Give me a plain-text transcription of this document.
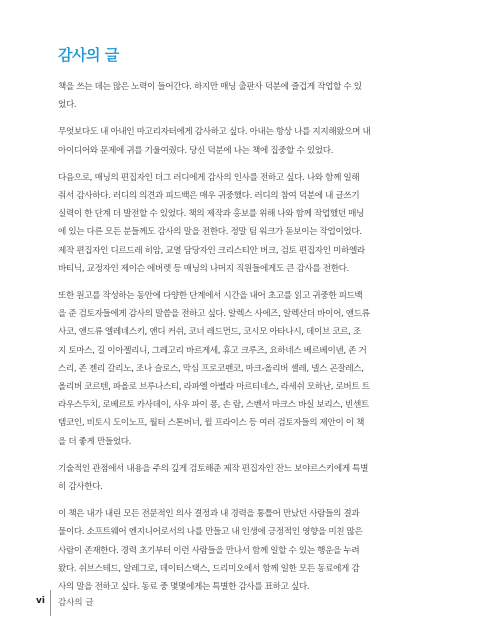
감사의 글

책을 쓰는 데는 많은 노력이 들어간다. 하지만 매닝 출판사 덕분에 즐겁게 작업할 수 있
었다.

무엇보다도 내 아내인 마고리자터에게 감사하고 싶다. 아내는 항상 나를 지지해왔으며 내
아이디어와 문제에 귀를 기울여줬다. 당신 덕분에 나는 책에 집중할 수 있었다.

다음으로, 매닝의 편집자인 더그 러디에게 감사의 인사를 전하고 싶다. 나와 함께 일해
줘서 감사하다. 러디의 의견과 피드백은 매우 귀중했다. 러디의 참여 덕분에 내 글쓰기
실력이 한 단계 더 발전할 수 있었다. 책의 제작과 홍보를 위해 나와 함께 작업했던 매닝
에 있는 다른 모든 분들께도 감사의 말을 전한다. 정말 팀 워크가 돋보이는 작업이었다.
제작 편집자인 디르드레 히암, 교열 담당자인 크리스티안 버크, 검토 편집자인 미하엘라
바티닉, 교정자인 제이슨 에버렛 등 매닝의 나머지 직원들에게도 큰 감사를 전한다.

또한 원고를 작성하는 동안에 다양한 단계에서 시간을 내어 초고를 읽고 귀중한 피드백
을 준 검토자들에게 감사의 말씀을 전하고 싶다. 알렉스 사에즈, 알렉산더 바이어, 앤드류
사코, 앤드류 엘레네스키, 앤디 커쉬, 코너 레드먼드, 코시모 아타나시, 데이브 코르, 조
지 토마스, 길 이아젤리니, 그레고리 바르게세, 휴고 크루즈, 요하네스 베르베이넨, 존 거
스리, 존 젠리 갈리노, 조나 슬로스, 막심 프로코펜코, 마크-올리버 셸레, 넬스 곤잘레스,
올리버 코르텐, 파올로 브루나스티, 라파엘 아벨라 마르티네스, 라세쉬 모하난, 로버트 트
라우스두치, 로베르토 카사데이, 사우 파이 퐁, 손 람, 스벤서 마크스 바실 보리스, 빈센트
템코인, 비토시 도이노프, 월터 스톤버너, 윌 프라이스 등 여러 검토자들의 제안이 이 책
을 더 좋게 만들었다.

기술적인 관점에서 내용을 주의 깊게 검토해준 제작 편집자인 잔느 보야르스키에게 특별
히 감사한다.

이 책은 내가 내린 모든 전문적인 의사 결정과 내 경력을 통틀어 만났던 사람들의 결과
물이다. 소프트웨어 엔지니어로서의 나를 만들고 내 인생에 긍정적인 영향을 미친 많은
사람이 존재한다. 경력 초기부터 이런 사람들을 만나서 함께 일할 수 있는 행운을 누려
왔다. 쉬브스테드, 알레그로, 데이터스택스, 드리미오에서 함께 일한 모든 동료에게 감
사의 말을 전하고 싶다. 동료 중 몇몇에게는 특별한 감사를 표하고 싶다.

vi 감사의 글
